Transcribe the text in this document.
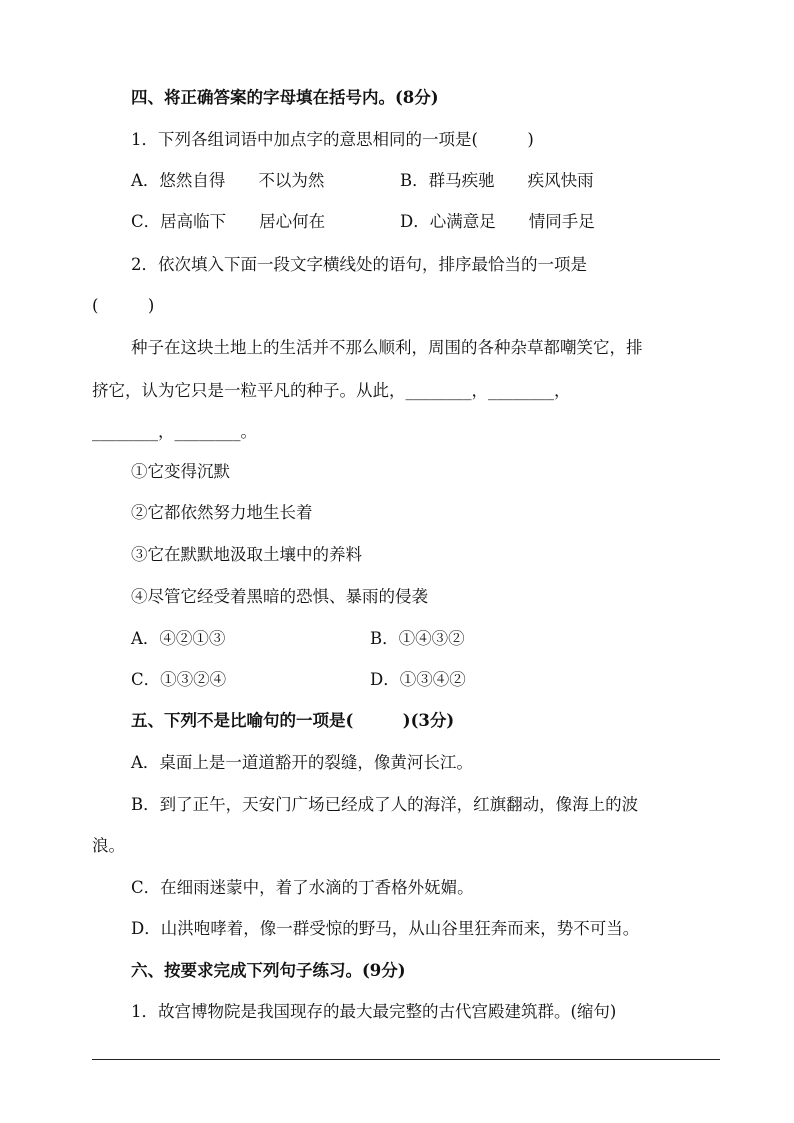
四、将正确答案的字母填在括号内。(8分)
1．下列各组词语中加点字的意思相同的一项是(　　　)
A．悠然自得　　不以为然	B．群马疾驰　　疾风快雨
C．居高临下　　居心何在	D．心满意足　　情同手足
2．依次填入下面一段文字横线处的语句，排序最恰当的一项是
(　　　)
种子在这块土地上的生活并不那么顺利，周围的各种杂草都嘲笑它，排
挤它，认为它只是一粒平凡的种子。从此，________，________，
________，________。
①它变得沉默
②它都依然努力地生长着
③它在默默地汲取土壤中的养料
④尽管它经受着黑暗的恐惧、暴雨的侵袭
A．④②①③	B．①④③②
C．①③②④	D．①③④②
五、下列不是比喻句的一项是(　　　)(3分)
A．桌面上是一道道豁开的裂缝，像黄河长江。
B．到了正午，天安门广场已经成了人的海洋，红旗翻动，像海上的波
浪。
C．在细雨迷蒙中，着了水滴的丁香格外妩媚。
D．山洪咆哮着，像一群受惊的野马，从山谷里狂奔而来，势不可当。
六、按要求完成下列句子练习。(9分)
1．故宫博物院是我国现存的最大最完整的古代宫殿建筑群。(缩句)
